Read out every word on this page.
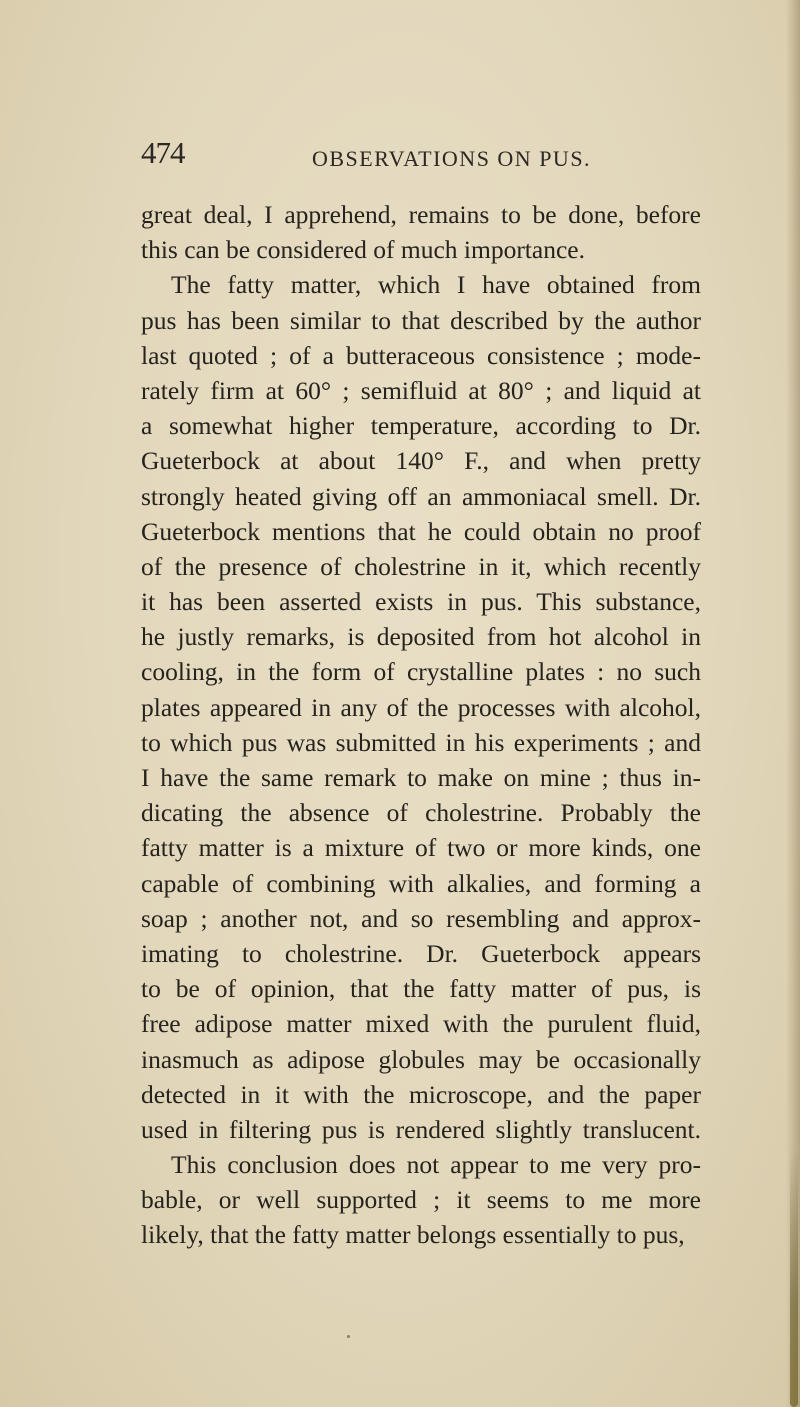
474	OBSERVATIONS ON PUS.

great deal, I apprehend, remains to be done, before
this can be considered of much importance.
The fatty matter, which I have obtained from
pus has been similar to that described by the author
last quoted ; of a butteraceous consistence ; mode-
rately firm at 60° ; semifluid at 80° ; and liquid at
a somewhat higher temperature, according to Dr.
Gueterbock at about 140° F., and when pretty
strongly heated giving off an ammoniacal smell. Dr.
Gueterbock mentions that he could obtain no proof
of the presence of cholestrine in it, which recently
it has been asserted exists in pus. This substance,
he justly remarks, is deposited from hot alcohol in
cooling, in the form of crystalline plates : no such
plates appeared in any of the processes with alcohol,
to which pus was submitted in his experiments ; and
I have the same remark to make on mine ; thus in-
dicating the absence of cholestrine. Probably the
fatty matter is a mixture of two or more kinds, one
capable of combining with alkalies, and forming a
soap ; another not, and so resembling and approx-
imating to cholestrine. Dr. Gueterbock appears
to be of opinion, that the fatty matter of pus, is
free adipose matter mixed with the purulent fluid,
inasmuch as adipose globules may be occasionally
detected in it with the microscope, and the paper
used in filtering pus is rendered slightly translucent.
This conclusion does not appear to me very pro-
bable, or well supported ; it seems to me more
likely, that the fatty matter belongs essentially to pus,
